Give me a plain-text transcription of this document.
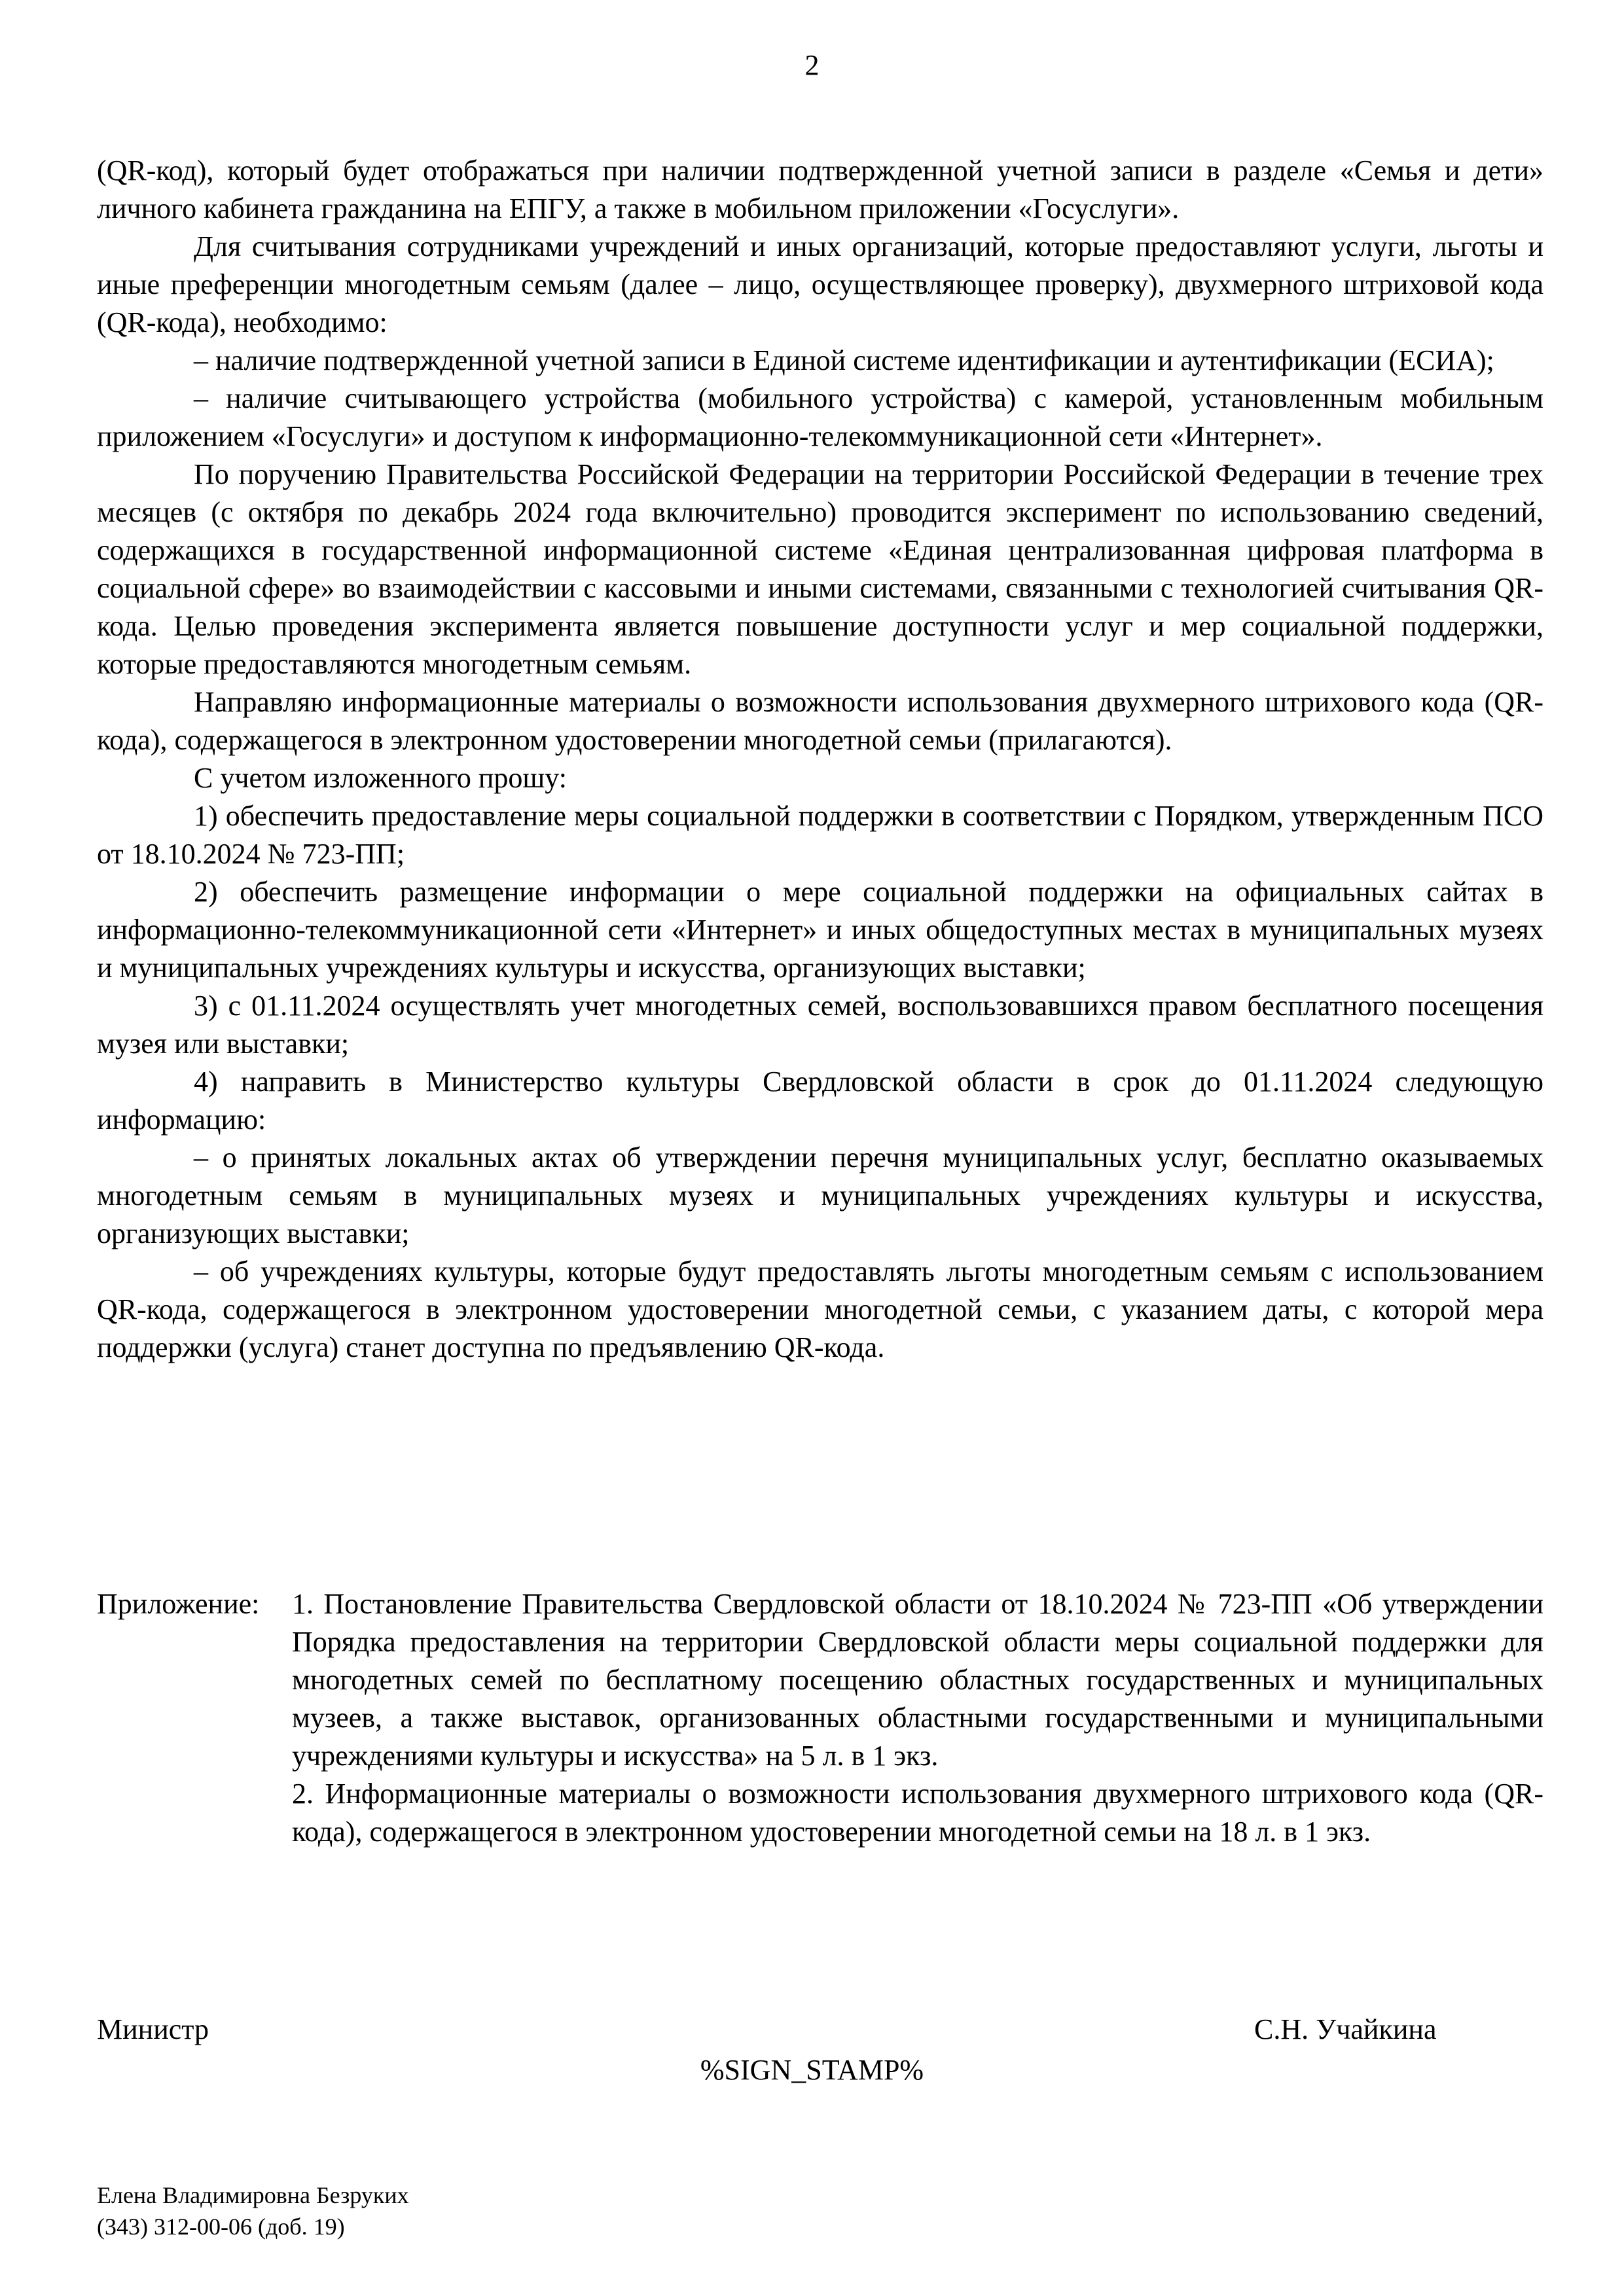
2

(QR-код), который будет отображаться при наличии подтвержденной учетной записи в разделе «Семья и дети» личного кабинета гражданина на ЕПГУ, а также в мобильном приложении «Госуслуги».

Для считывания сотрудниками учреждений и иных организаций, которые предоставляют услуги, льготы и иные преференции многодетным семьям (далее – лицо, осуществляющее проверку), двухмерного штриховой кода (QR-кода), необходимо:

– наличие подтвержденной учетной записи в Единой системе идентификации и аутентификации (ЕСИА);

– наличие считывающего устройства (мобильного устройства) с камерой, установленным мобильным приложением «Госуслуги» и доступом к информационно-телекоммуникационной сети «Интернет».

По поручению Правительства Российской Федерации на территории Российской Федерации в течение трех месяцев (с октября по декабрь 2024 года включительно) проводится эксперимент по использованию сведений, содержащихся в государственной информационной системе «Единая централизованная цифровая платформа в социальной сфере» во взаимодействии с кассовыми и иными системами, связанными с технологией считывания QR-кода. Целью проведения эксперимента является повышение доступности услуг и мер социальной поддержки, которые предоставляются многодетным семьям.

Направляю информационные материалы о возможности использования двухмерного штрихового кода (QR-кода), содержащегося в электронном удостоверении многодетной семьи (прилагаются).

С учетом изложенного прошу:

1) обеспечить предоставление меры социальной поддержки в соответствии с Порядком, утвержденным ПСО от 18.10.2024 № 723-ПП;

2) обеспечить размещение информации о мере социальной поддержки на официальных сайтах в информационно-телекоммуникационной сети «Интернет» и иных общедоступных местах в муниципальных музеях и муниципальных учреждениях культуры и искусства, организующих выставки;

3) с 01.11.2024 осуществлять учет многодетных семей, воспользовавшихся правом бесплатного посещения музея или выставки;

4) направить в Министерство культуры Свердловской области в срок до 01.11.2024 следующую информацию:

– о принятых локальных актах об утверждении перечня муниципальных услуг, бесплатно оказываемых многодетным семьям в муниципальных музеях и муниципальных учреждениях культуры и искусства, организующих выставки;

– об учреждениях культуры, которые будут предоставлять льготы многодетным семьям с использованием QR-кода, содержащегося в электронном удостоверении многодетной семьи, с указанием даты, с которой мера поддержки (услуга) станет доступна по предъявлению QR-кода.

Приложение: 1. Постановление Правительства Свердловской области от 18.10.2024 № 723-ПП «Об утверждении Порядка предоставления на территории Свердловской области меры социальной поддержки для многодетных семей по бесплатному посещению областных государственных и муниципальных музеев, а также выставок, организованных областными государственными и муниципальными учреждениями культуры и искусства» на 5 л. в 1 экз.

2. Информационные материалы о возможности использования двухмерного штрихового кода (QR-кода), содержащегося в электронном удостоверении многодетной семьи на 18 л. в 1 экз.

Министр	С.Н. Учайкина
%SIGN_STAMP%
Елена Владимировна Безруких
(343) 312-00-06 (доб. 19)
